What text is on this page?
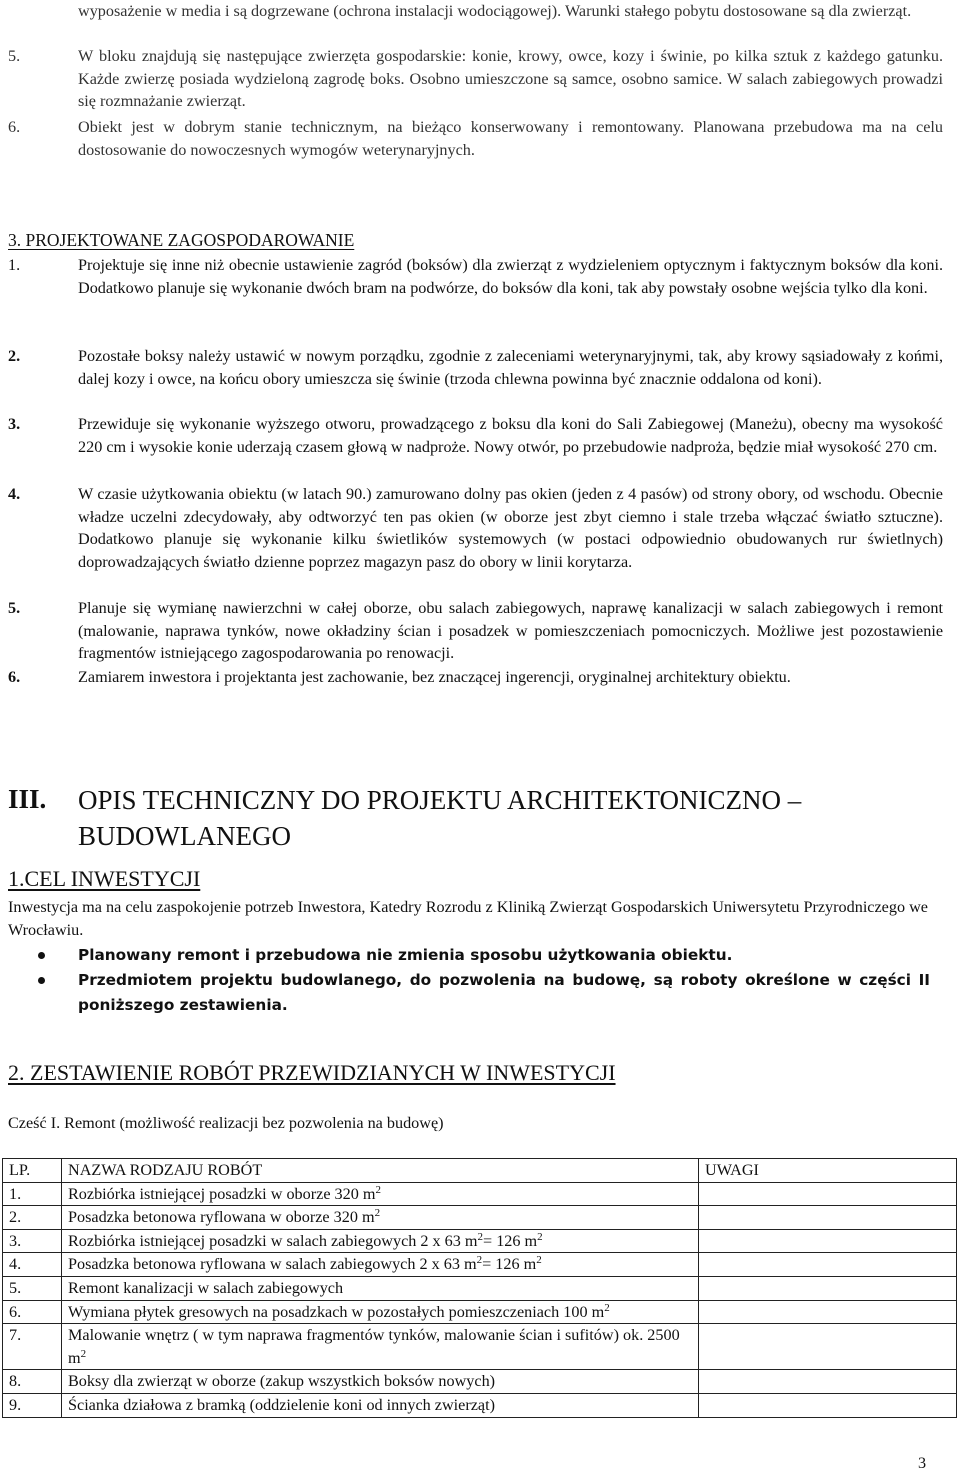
wyposażenie w media i są dogrzewane (ochrona instalacji wodociągowej). Warunki stałego pobytu dostosowane są dla zwierząt.
5.	W bloku znajdują się następujące zwierzęta gospodarskie: konie, krowy, owce, kozy i świnie, po kilka sztuk z każdego gatunku. Każde zwierzę posiada wydzieloną zagrodę boks. Osobno umieszczone są samce, osobno samice. W salach zabiegowych prowadzi się rozmnażanie zwierząt.
6.	Obiekt jest w dobrym stanie technicznym, na bieżąco konserwowany i remontowany. Planowana przebudowa ma na celu dostosowanie do nowoczesnych wymogów weterynaryjnych.
3. PROJEKTOWANE ZAGOSPODAROWANIE
1.	Projektuje się inne niż obecnie ustawienie zagród (boksów) dla zwierząt z wydzieleniem optycznym i faktycznym boksów dla koni. Dodatkowo planuje się wykonanie dwóch bram na podwórze, do boksów dla koni, tak aby powstały osobne wejścia tylko dla koni.
2.	Pozostałe boksy należy ustawić w nowym porządku, zgodnie z zaleceniami weterynaryjnymi, tak, aby krowy sąsiadowały z końmi, dalej kozy i owce, na końcu obory umieszcza się świnie (trzoda chlewna powinna być znacznie oddalona od koni).
3.	Przewiduje się wykonanie wyższego otworu, prowadzącego z boksu dla koni do Sali Zabiegowej (Maneżu), obecny ma wysokość 220 cm i wysokie konie uderzają czasem głową w nadproże. Nowy otwór, po przebudowie nadproża, będzie miał wysokość 270 cm.
4.	W czasie użytkowania obiektu (w latach 90.) zamurowano dolny pas okien (jeden z 4 pasów) od strony obory, od wschodu. Obecnie władze uczelni zdecydowały, aby odtworzyć ten pas okien (w oborze jest zbyt ciemno i stale trzeba włączać światło sztuczne). Dodatkowo planuje się wykonanie kilku świetlików systemowych (w postaci odpowiednio obudowanych rur świetlnych) doprowadzających światło dzienne poprzez magazyn pasz do obory w linii korytarza.
5.	Planuje się wymianę nawierzchni w całej oborze, obu salach zabiegowych, naprawę kanalizacji w salach zabiegowych i remont (malowanie, naprawa tynków, nowe okładziny ścian i posadzek w pomieszczeniach pomocniczych. Możliwe jest pozostawienie fragmentów istniejącego zagospodarowania po renowacji.
6.	Zamiarem inwestora i projektanta jest zachowanie, bez znaczącej ingerencji, oryginalnej architektury obiektu.
III. OPIS TECHNICZNY DO PROJEKTU ARCHITEKTONICZNO – BUDOWLANEGO
1.CEL INWESTYCJI
Inwestycja ma na celu zaspokojenie potrzeb Inwestora, Katedry Rozrodu z Kliniką Zwierząt Gospodarskich Uniwersytetu Przyrodniczego we Wrocławiu.
Planowany remont i przebudowa nie zmienia sposobu użytkowania obiektu.
Przedmiotem projektu budowlanego, do pozwolenia na budowę, są roboty określone w części II poniższego zestawienia.
2. ZESTAWIENIE ROBÓT PRZEWIDZIANYCH W INWESTYCJI
Cześć I. Remont (możliwość realizacji bez pozwolenia na budowę)
LP.	NAZWA RODZAJU ROBÓT	UWAGI
1.	Rozbiórka istniejącej posadzki w oborze 320 $m^2$	
2.	Posadzka betonowa ryflowana w oborze 320 $m^2$	
3.	Rozbiórka istniejącej posadzki w salach zabiegowych 2 x 63 $m^2= 126$ $m^2$	
4.	Posadzka betonowa ryflowana w salach zabiegowych 2 x 63 $m^2= 126$ $m^2$	
5.	Remont kanalizacji w salach zabiegowych	
6.	Wymiana płytek gresowych na posadzkach w pozostałych pomieszczeniach 100 $m^2$	
7.	Malowanie wnętrz ( w tym naprawa fragmentów tynków, malowanie ścian i sufitów) ok. 2500 $m^2$	
8.	Boksy dla zwierząt w oborze (zakup wszystkich boksów nowych)	
9.	Ścianka działowa z bramką (oddzielenie koni od innych zwierząt)	
3
